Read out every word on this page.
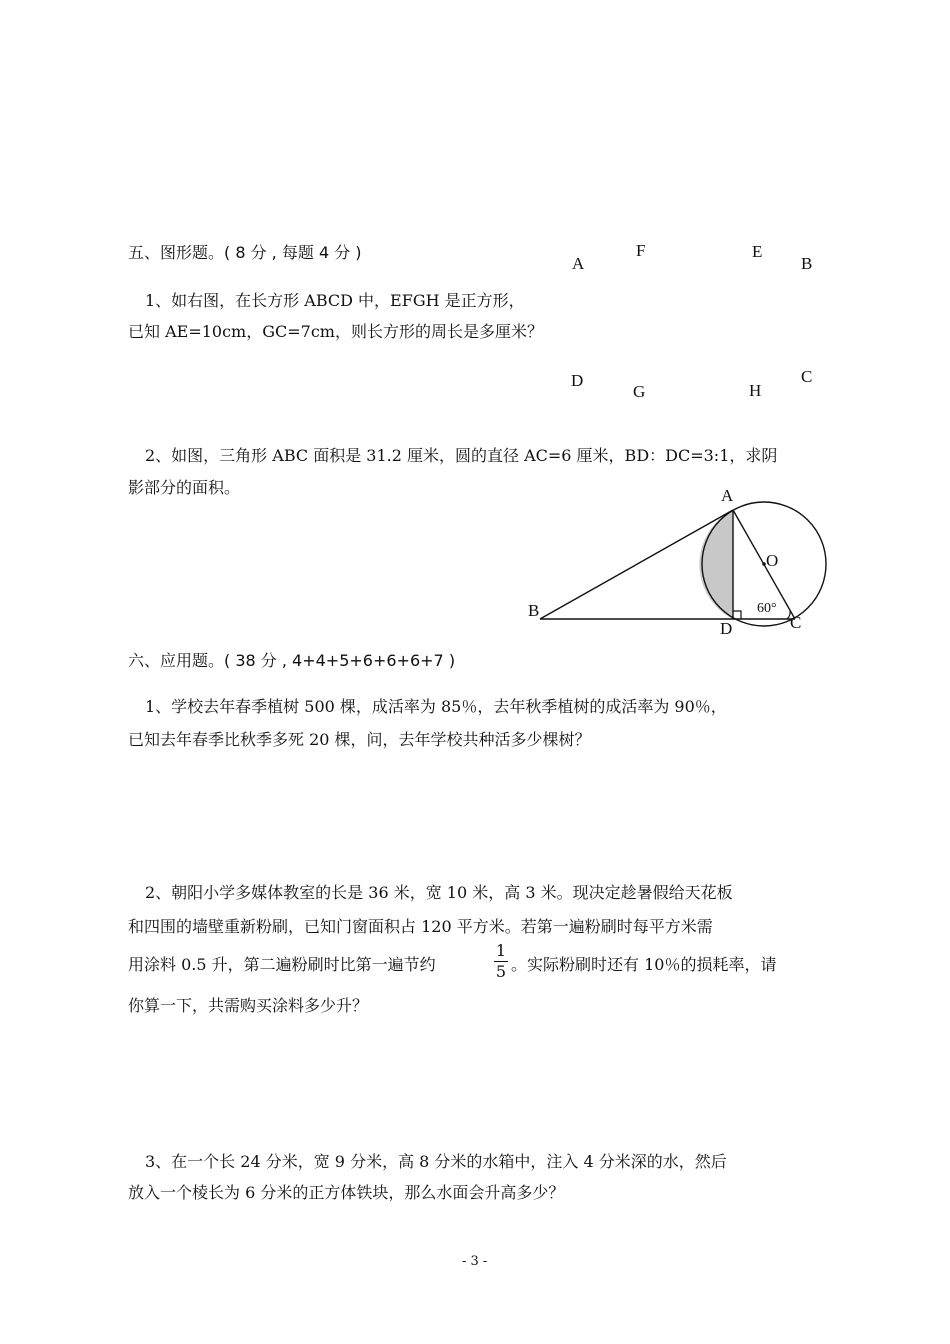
五、图形题。( 8 分 , 每题 4 分 )
1、如右图，在长方形 ABCD 中，EFGH 是正方形，
已知 AE=10cm，GC=7cm，则长方形的周长是多厘米？
A
F	E
B
D
G	H
C
2、如图，三角形 ABC 面积是 31.2 厘米，圆的直径 AC=6 厘米，BD：DC=3:1，求阴
影部分的面积。	A
O
B
D	C
60°
六、应用题。( 38 分 , 4+4+5+6+6+6+7 )
1、学校去年春季植树 500 棵，成活率为 85％，去年秋季植树的成活率为 90％，
已知去年春季比秋季多死 20 棵，问，去年学校共种活多少棵树？
2、朝阳小学多媒体教室的长是 36 米，宽 10 米，高 3 米。现决定趁暑假给天花板
和四围的墙壁重新粉刷，已知门窗面积占 120 平方米。若第一遍粉刷时每平方米需
用涂料 0.5 升，第二遍粉刷时比第一遍节约
1
5 。实际粉刷时还有 10％的损耗率，请
你算一下，共需购买涂料多少升？
3、在一个长 24 分米，宽 9 分米，高 8 分米的水箱中，注入 4 分米深的水，然后
放入一个棱长为 6 分米的正方体铁块，那么水面会升高多少？
- 3 -
